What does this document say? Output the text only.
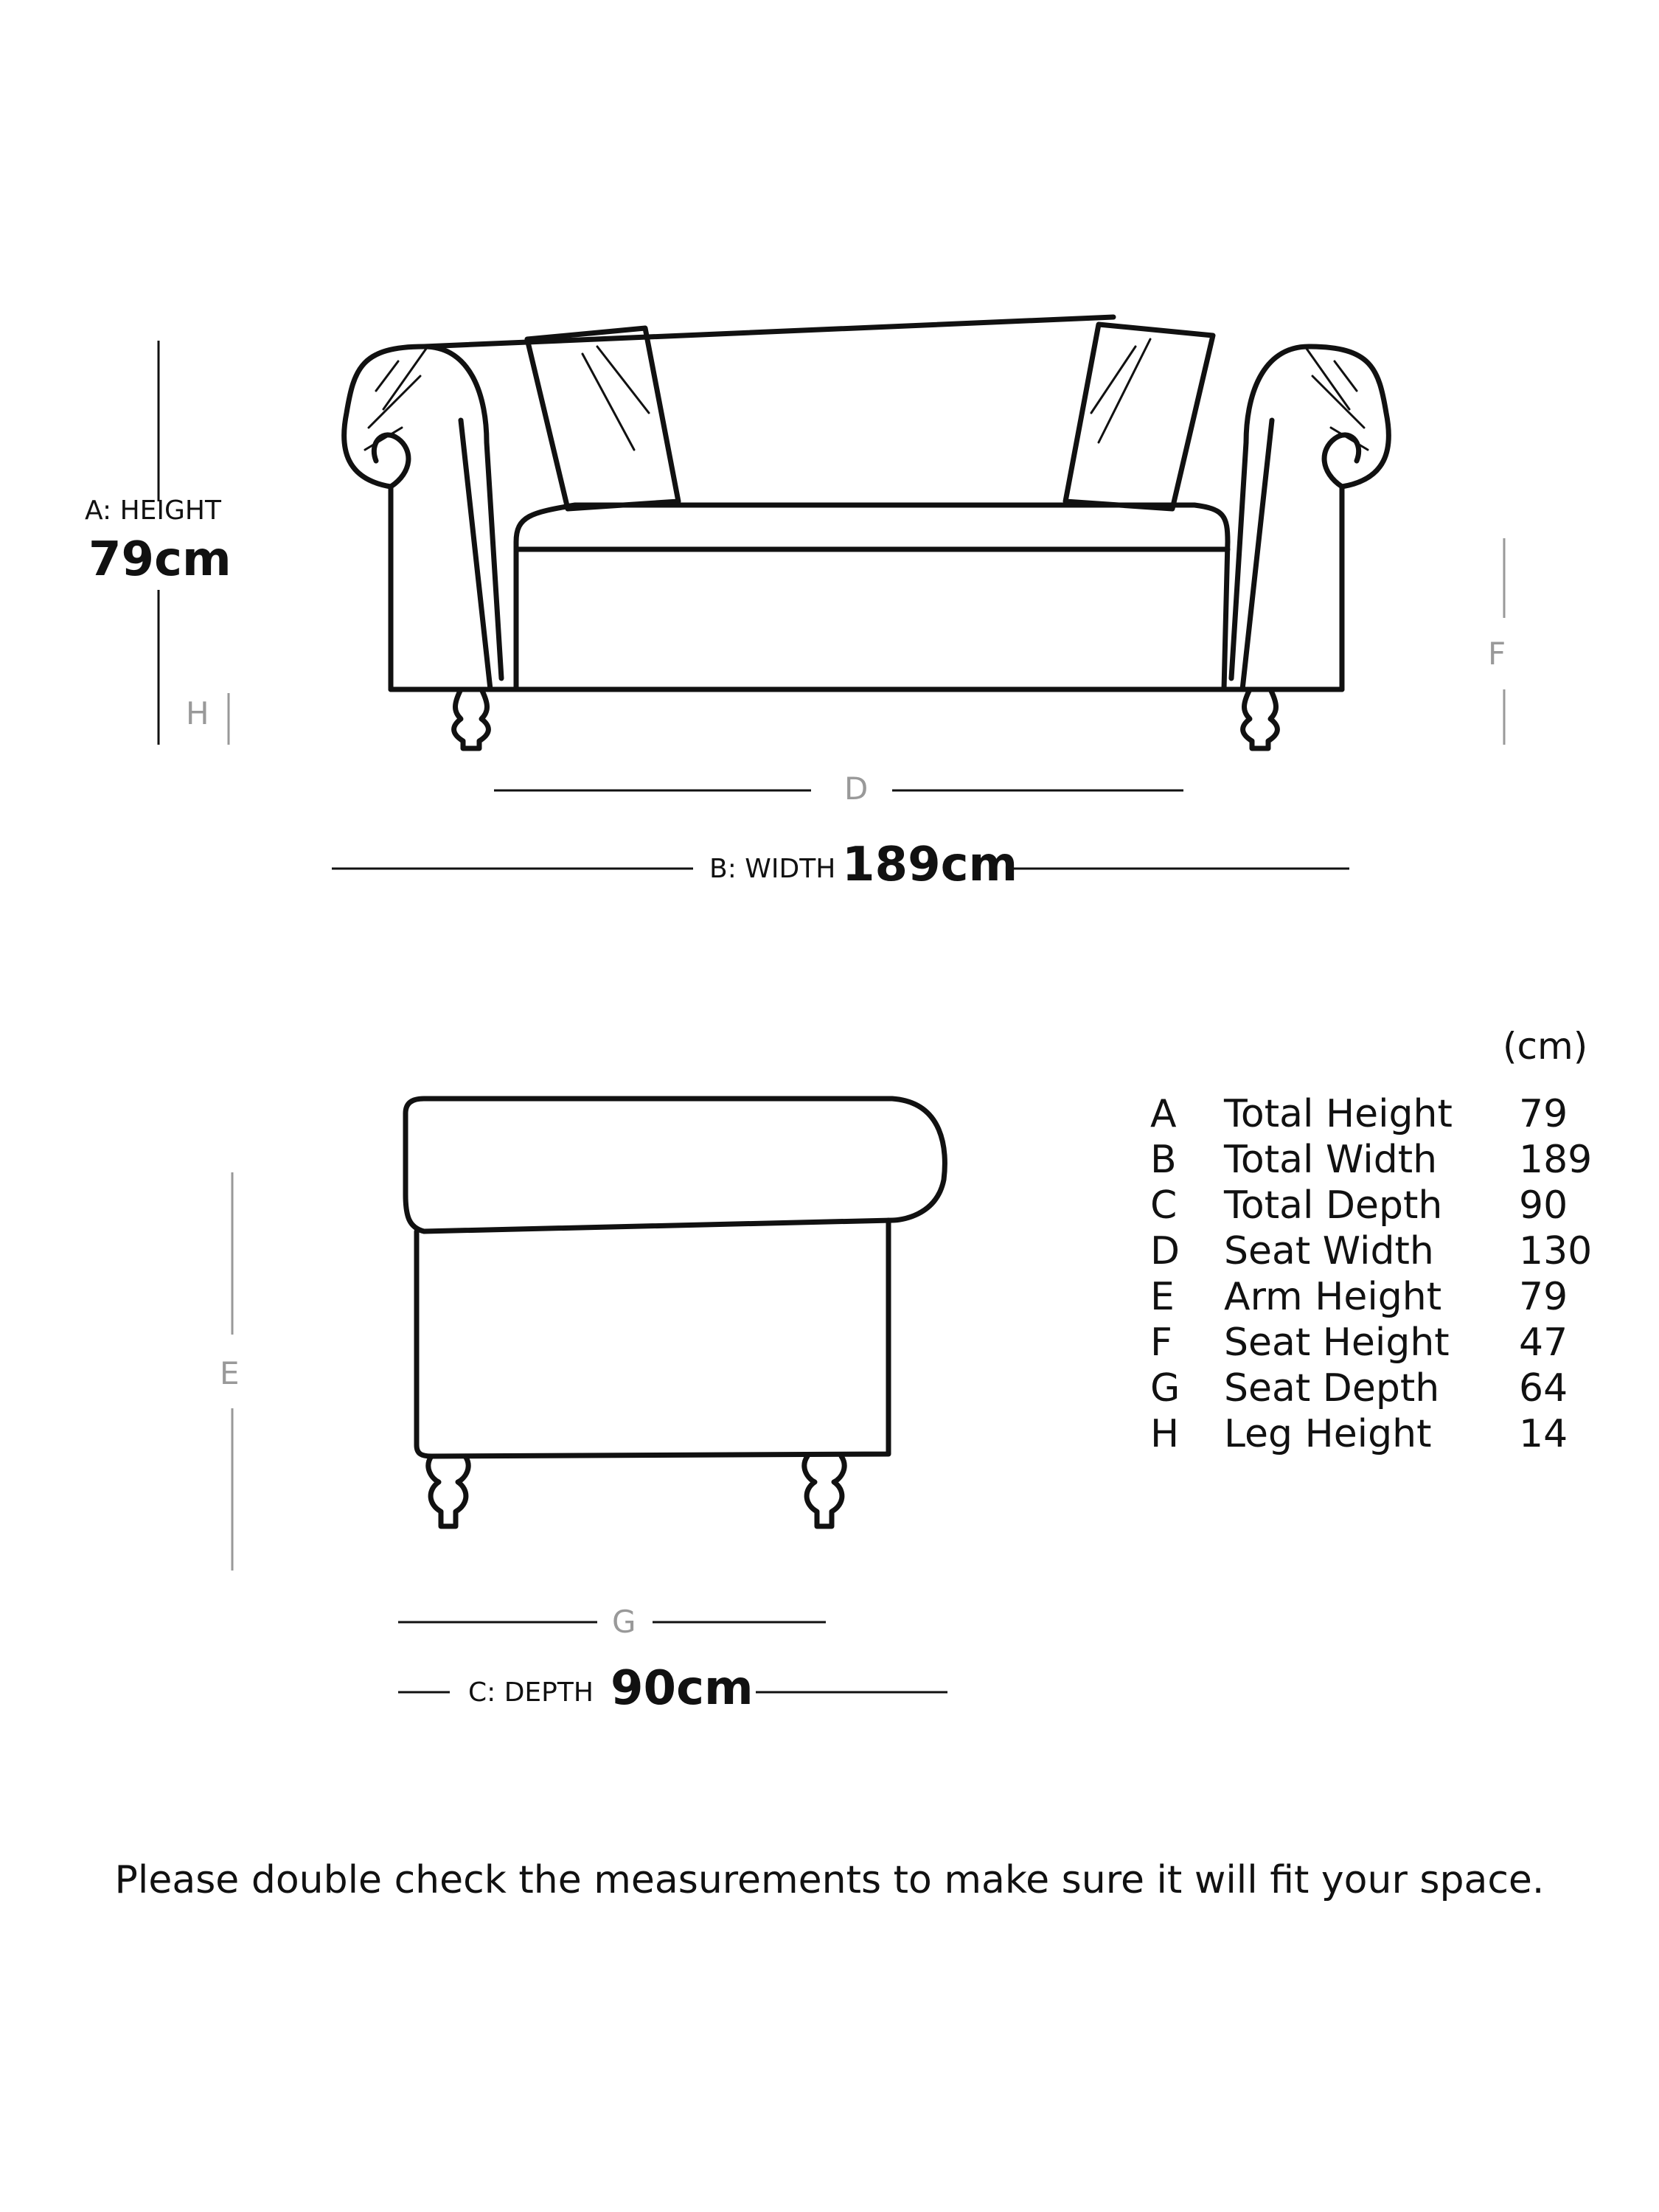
A: HEIGHT
79cm
H
F
D
B: WIDTH 189cm
E
G
C: DEPTH 90cm
(cm)
A	Total Height	79
B	Total Width	189
C	Total Depth	90
D	Seat Width	130
E	Arm Height	79
F	Seat Height	47
G	Seat Depth	64
H	Leg Height	14
Please double check the measurements to make sure it will fit your space.
